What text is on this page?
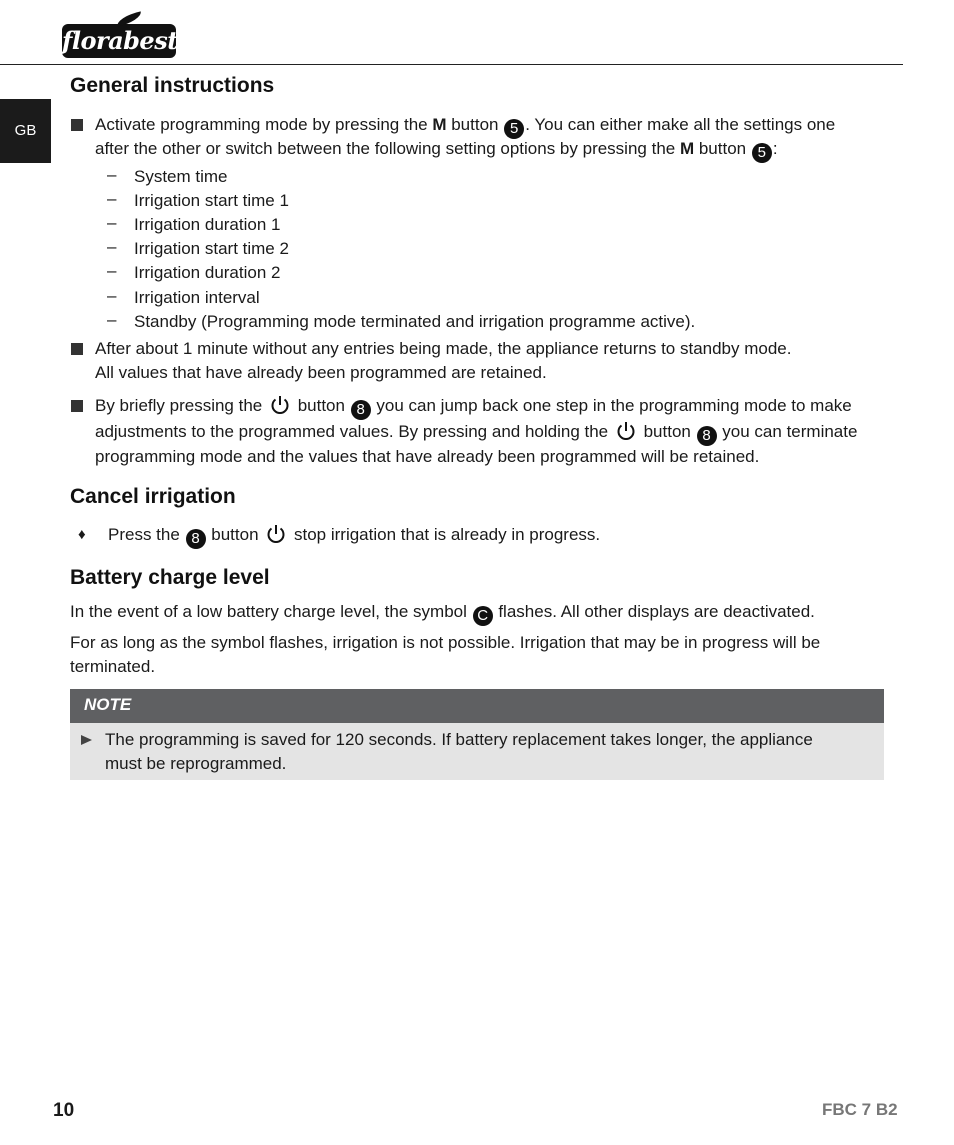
florabest
GB
General instructions
Activate programming mode by pressing the M button 5 . You can either make all the settings one
after the other or switch between the following setting options by pressing the M button 5 :
– System time
– Irrigation start time 1
– Irrigation duration 1
– Irrigation start time 2
– Irrigation duration 2
– Irrigation interval
– Standby (Programming mode terminated and irrigation programme active).
After about 1 minute without any entries being made, the appliance returns to standby mode.
All values that have already been programmed are retained.
By briefly pressing the  button 8 you can jump back one step in the programming mode to make
adjustments to the programmed values. By pressing and holding the  button 8 you can terminate
programming mode and the values that have already been programmed will be retained.
Cancel irrigation
♦ Press the 8 button  stop irrigation that is already in progress.
Battery charge level
In the event of a low battery charge level, the symbol C flashes. All other displays are deactivated.
For as long as the symbol flashes, irrigation is not possible. Irrigation that may be in progress will be
terminated.
NOTE
The programming is saved for 120 seconds. If battery replacement takes longer, the appliance
must be reprogrammed.
10	FBC 7 B2
